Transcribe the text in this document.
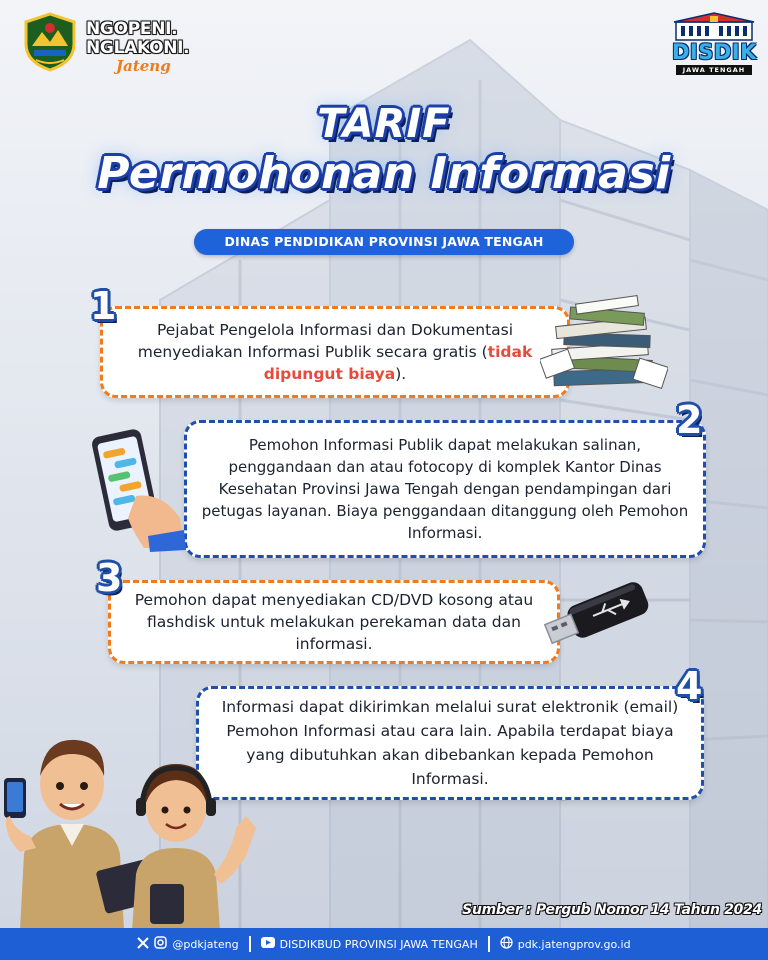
NGOPENI.
NGLAKONI.
Jateng
DISDIK
JAWA TENGAH
TARIF
Permohonan Informasi
DINAS PENDIDIKAN PROVINSI JAWA TENGAH
1

Pejabat Pengelola Informasi dan Dokumentasi menyediakan Informasi Publik secara gratis (tidak dipungut biaya).

2

Pemohon Informasi Publik dapat melakukan salinan, penggandaan dan atau fotocopy di komplek Kantor Dinas Kesehatan Provinsi Jawa Tengah dengan pendampingan dari petugas layanan. Biaya penggandaan ditanggung oleh Pemohon Informasi.

3 Pemohon dapat menyediakan CD/DVD kosong atau flashdisk untuk melakukan perekaman data dan informasi.

4

Informasi dapat dikirimkan melalui surat elektronik (email) Pemohon Informasi atau cara lain. Apabila terdapat biaya yang dibutuhkan akan dibebankan kepada Pemohon Informasi.

Sumber : Pergub Nomor 14 Tahun 2024
@pdkjateng	DISDIKBUD PROVINSI JAWA TENGAH	pdk.jatengprov.go.id
